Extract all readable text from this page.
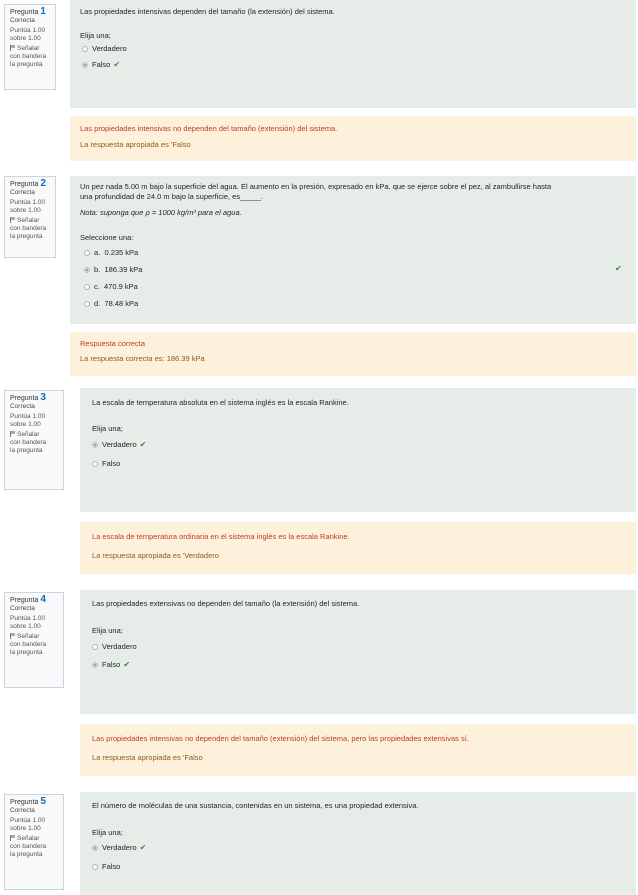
Pregunta 1
Correcta
Puntúa 1.00
sobre 1.00
Señalar
con bandera
la pregunta
Las propiedades intensivas dependen del tamaño (la extensión) del sistema.
Elija una;
Verdadero
Falso ✔
Las propiedades intensivas no dependen del tamaño (extensión) del sistema.
La respuesta apropiada es 'Falso
Pregunta 2
Correcta
Puntúa 1.00
sobre 1.00
Señalar
con bandera
la pregunta
Un pez nada 5.00 m bajo la superficie del agua. El aumento en la presión, expresado en kPa, que se ejerce sobre el pez, al zambullirse hasta
una profundidad de 24.0 m bajo la superficie, es_____.
Nota: suponga que ρ = 1000 kg/m³ para el agua.
Seleccione una:
a.
0.235 kPa
b.
186.39 kPa	✔
c.
470.9 kPa
d.
78.48 kPa
Respuesta correcta
La respuesta correcta es: 186.39 kPa
Pregunta 3
Correcta
Puntúa 1.00
sobre 1.00
Señalar
con bandera
la pregunta
La escala de temperatura absoluta en el sistema inglés es la escala Rankine.
Elija una;
Verdadero ✔
Falso
La escala de temperatura ordinaria en el sistema inglés es la escala Rankine.
La respuesta apropiada es 'Verdadero
Pregunta 4
Correcta
Puntúa 1.00
sobre 1.00
Señalar
con bandera
la pregunta
Las propiedades extensivas no dependen del tamaño (la extensión) del sistema.
Elija una;
Verdadero
Falso ✔
Las propiedades intensivas no dependen del tamaño (extensión) del sistema, pero las propiedades extensivas sí.
La respuesta apropiada es 'Falso
Pregunta 5
Correcta
Puntúa 1.00
sobre 1.00
Señalar
con bandera
la pregunta
El número de moléculas de una sustancia, contenidas en un sistema, es una propiedad extensiva.
Elija una;
Verdadero ✔
Falso
